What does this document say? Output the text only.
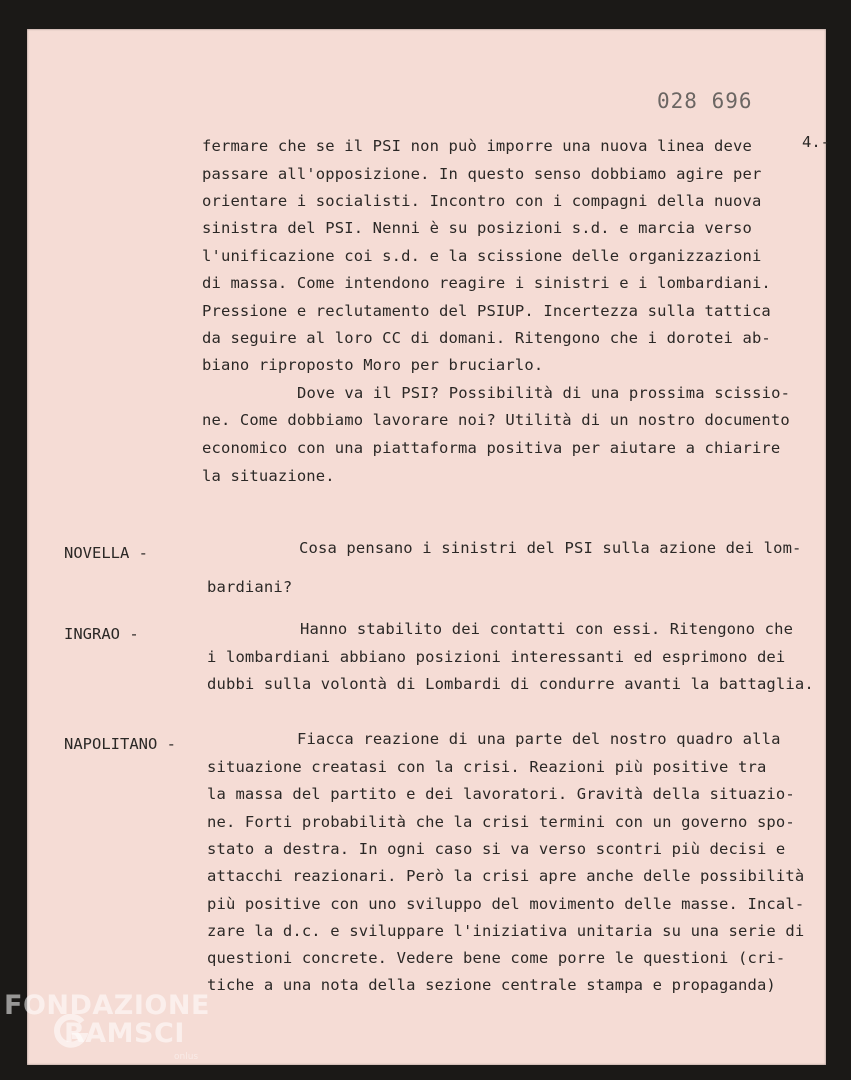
028 696
4.-
fermare che se il PSI non può imporre una nuova linea deve
passare all'opposizione. In questo senso dobbiamo agire per
orientare i socialisti. Incontro con i compagni della nuova
sinistra del PSI. Nenni è su posizioni s.d. e marcia verso
l'unificazione coi s.d. e la scissione delle organizzazioni
di massa. Come intendono reagire i sinistri e i lombardiani.
Pressione e reclutamento del PSIUP. Incertezza sulla tattica
da seguire al loro CC di domani. Ritengono che i dorotei ab-
biano riproposto Moro per bruciarlo.
Dove va il PSI? Possibilità di una prossima scissio-
ne. Come dobbiamo lavorare noi? Utilità di un nostro documento
economico con una piattaforma positiva per aiutare a chiarire
la situazione.
NOVELLA -	Cosa pensano i sinistri del PSI sulla azione dei lom-
bardiani?
INGRAO -	Hanno stabilito dei contatti con essi. Ritengono che
i lombardiani abbiano posizioni interessanti ed esprimono dei
dubbi sulla volontà di Lombardi di condurre avanti la battaglia.
NAPOLITANO -	Fiacca reazione di una parte del nostro quadro alla
situazione creatasi con la crisi. Reazioni più positive tra
la massa del partito e dei lavoratori. Gravità della situazio-
ne. Forti probabilità che la crisi termini con un governo spo-
stato a destra. In ogni caso si va verso scontri più decisi e
attacchi reazionari. Però la crisi apre anche delle possibilità
più positive con uno sviluppo del movimento delle masse. Incal-
zare la d.c. e sviluppare l'iniziativa unitaria su una serie di
questioni concrete. Vedere bene come porre le questioni (cri-
tiche a una nota della sezione centrale stampa e propaganda)
FONDAZIONE
RAMSCI
onlus
